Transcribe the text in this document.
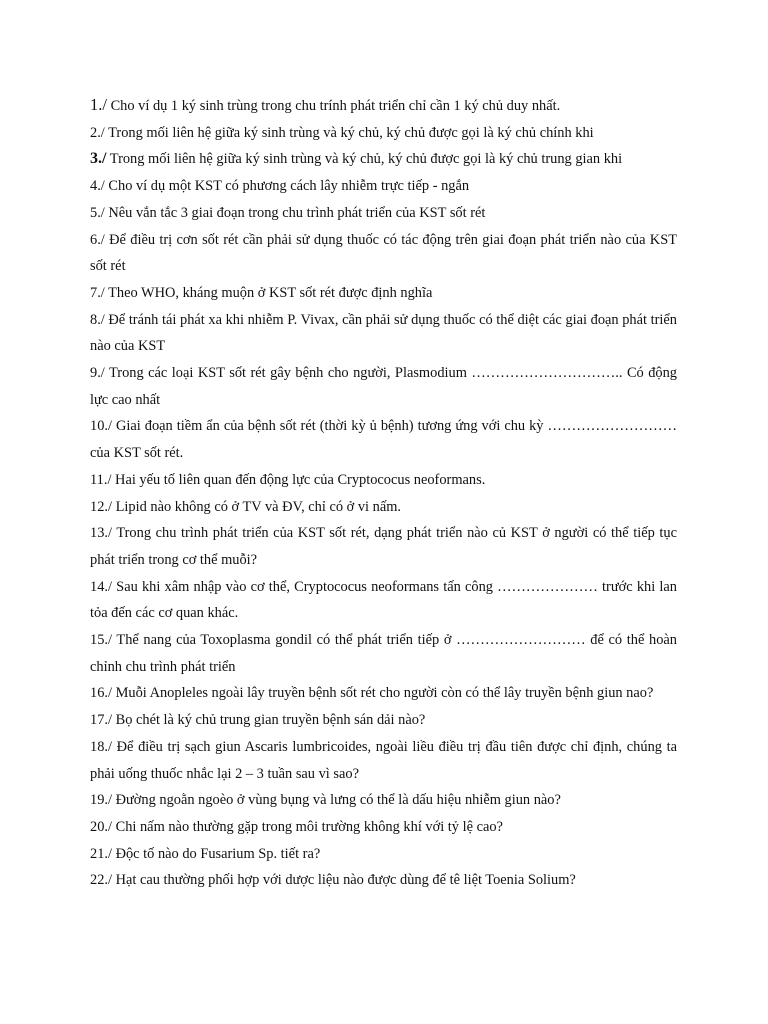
1./ Cho ví dụ 1 ký sinh trùng trong chu trính phát triển chỉ cần 1 ký chủ duy nhất.

2./ Trong mối liên hệ giữa ký sinh trùng và ký chủ, ký chủ được gọi là ký chủ chính khi

3./ Trong mối liên hệ giữa ký sinh trùng và ký chủ, ký chủ được gọi là ký chủ trung gian khi

4./ Cho ví dụ một KST có phương cách lây nhiễm trực tiếp - ngắn

5./ Nêu vắn tắc 3 giai đoạn trong chu trình phát triển của KST sốt rét

6./ Để điều trị cơn sốt rét cần phải sử dụng thuốc có tác động trên giai đoạn phát triển nào của KST sốt rét

7./ Theo WHO, kháng muộn ở KST sốt rét được định nghĩa

8./ Để tránh tái phát xa khi nhiễm P. Vivax, cần phải sử dụng thuốc có thể diệt các giai đoạn phát triển nào của KST

9./ Trong các loại KST sốt rét gây bệnh cho người, Plasmodium ………………………….. Có động lực cao nhất

10./ Giai đoạn tiềm ẩn của bệnh sốt rét (thời kỳ ủ bệnh) tương ứng với chu kỳ ……………………… của KST sốt rét.

11./ Hai yếu tố liên quan đến động lực của Cryptococus neoformans.

12./ Lipid nào không có ở TV và ĐV, chỉ có ở vi nấm.

13./ Trong chu trình phát triển của KST sốt rét, dạng phát triển nào củ KST ở người có thể tiếp tục phát triển trong cơ thể muỗi?

14./ Sau khi xâm nhập vào cơ thể, Cryptococus neoformans tấn công ………………… trước khi lan tỏa đến các cơ quan khác.

15./ Thể nang của Toxoplasma gondil có thể phát triển tiếp ở ……………………… để có thể hoàn chỉnh chu trình phát triển

16./ Muỗi Anopleles ngoài lây truyền bệnh sốt rét cho người còn có thể lây truyền bệnh giun nao?

17./ Bọ chét là ký chủ trung gian truyền bệnh sán dải nào?

18./ Để điều trị sạch giun Ascaris lumbricoides, ngoài liều điều trị đầu tiên được chỉ định, chúng ta phải uống thuốc nhắc lại 2 – 3 tuần sau vì sao?

19./ Đường ngoằn ngoèo ở vùng bụng và lưng có thể là dấu hiệu nhiễm giun nào?

20./ Chi nấm nào thường gặp trong môi trường không khí với tỷ lệ cao?

21./ Độc tố nào do Fusarium Sp. tiết ra?

22./ Hạt cau thường phối hợp với dược liệu nào được dùng để tê liệt Toenia Solium?
